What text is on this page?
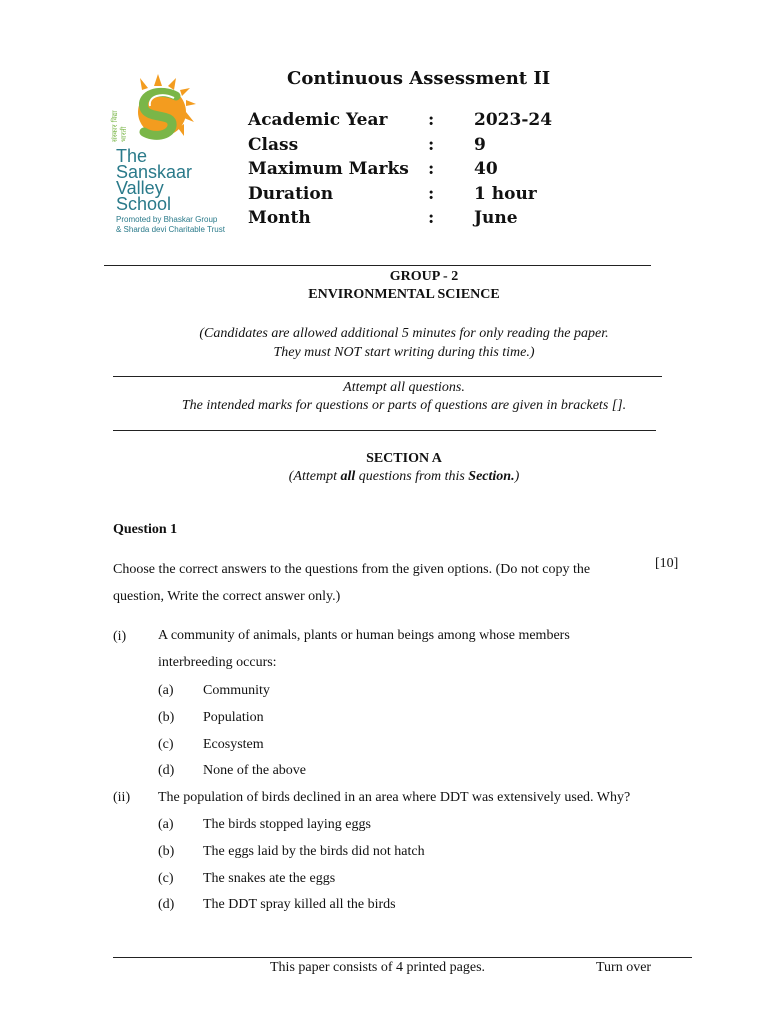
संस्कार विद्या भारती
The
Sanskaar
Valley
School
Promoted by Bhaskar Group
& Sharda devi Charitable Trust
Continuous Assessment II
Academic Year : 2023-24
Class	: 9
Maximum Marks : 40
Duration	: 1 hour
Month	: June
GROUP - 2
ENVIRONMENTAL SCIENCE
(Candidates are allowed additional 5 minutes for only reading the paper.
They must NOT start writing during this time.)
Attempt all questions.
The intended marks for questions or parts of questions are given in brackets [].
SECTION A
(Attempt all questions from this Section.)
Question 1
Choose the correct answers to the questions from the given options. (Do not copy the question, Write the correct answer only.)
[10]
(i) A community of animals, plants or human beings among whose members interbreeding occurs:
(a) Community
(b) Population
(c) Ecosystem
(d) None of the above
(ii) The population of birds declined in an area where DDT was extensively used. Why?
(a) The birds stopped laying eggs
(b) The eggs laid by the birds did not hatch
(c) The snakes ate the eggs
(d) The DDT spray killed all the birds
This paper consists of 4 printed pages.	Turn over
